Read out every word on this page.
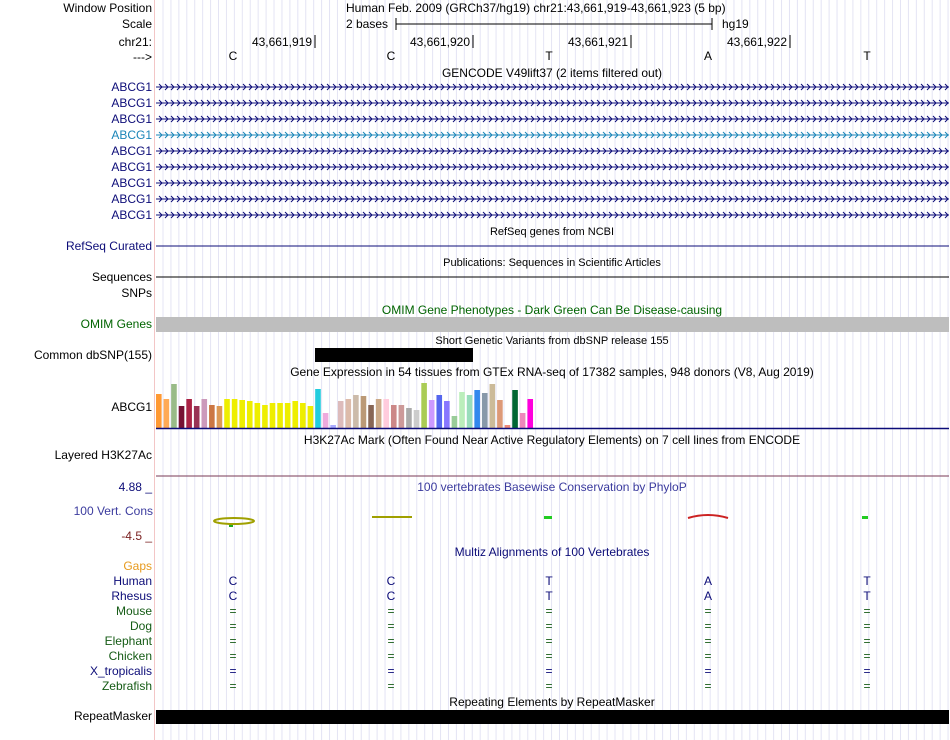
Window Position
Scale
chr21:
--->
Human Feb. 2009 (GRCh37/hg19) chr21:43,661,919-43,661,923 (5 bp)
2 bases	hg19
43,661,919	43,661,920	43,661,921	43,661,922
C	C	T	A	T
GENCODE V49lift37 (2 items filtered out)
ABCG1
ABCG1
ABCG1
ABCG1
ABCG1
ABCG1
ABCG1
ABCG1
ABCG1
RefSeq genes from NCBI
RefSeq Curated
Publications: Sequences in Scientific Articles
Sequences
SNPs
OMIM Gene Phenotypes - Dark Green Can Be Disease-causing
OMIM Genes
Short Genetic Variants from dbSNP release 155
Common dbSNP(155)
Gene Expression in 54 tissues from GTEx RNA-seq of 17382 samples, 948 donors (V8, Aug 2019)
ABCG1
H3K27Ac Mark (Often Found Near Active Regulatory Elements) on 7 cell lines from ENCODE
Layered H3K27Ac
100 vertebrates Basewise Conservation by PhyloP
4.88 _
100 Vert. Cons
-4.5 _
Multiz Alignments of 100 Vertebrates
Gaps
Human	C	C	T	A	T
Rhesus	C	C	T	A	T
Mouse	=	=	=	=	=
Dog	=	=	=	=	=
Elephant	=	=	=	=	=
Chicken	=	=	=	=	=
X_tropicalis	=	=	=	=	=
Zebrafish	=	=	=	=	=
Repeating Elements by RepeatMasker
RepeatMasker
